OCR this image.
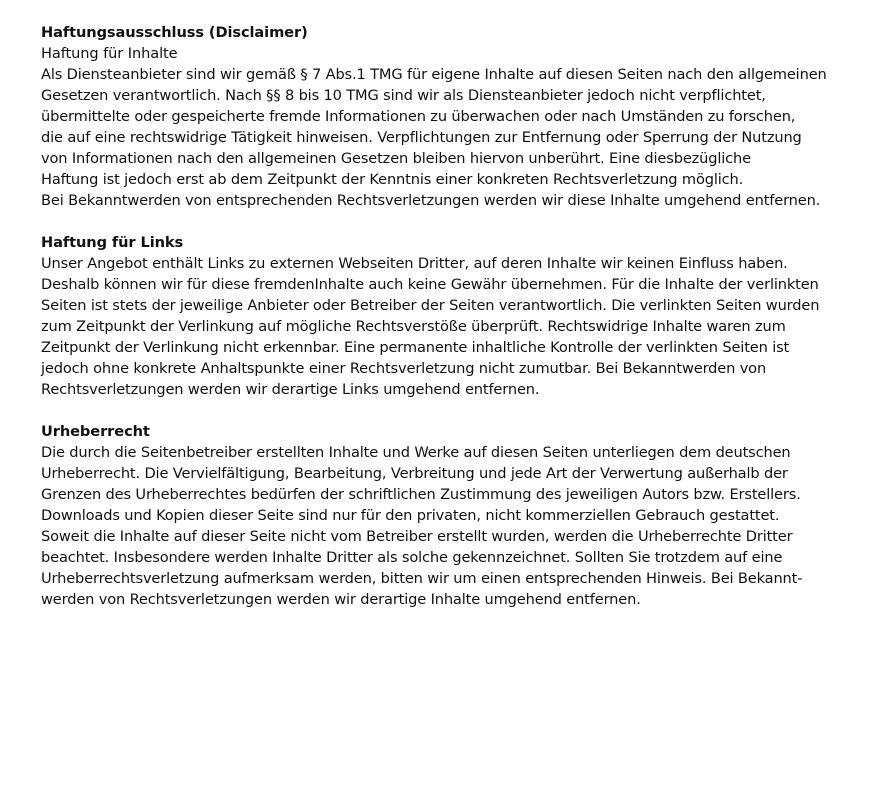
Haftungsausschluss (Disclaimer)
Haftung für Inhalte
Als Diensteanbieter sind wir gemäß § 7 Abs.1 TMG für eigene Inhalte auf diesen Seiten nach den allgemeinen
Gesetzen verantwortlich. Nach §§ 8 bis 10 TMG sind wir als Diensteanbieter jedoch nicht verpflichtet,
übermittelte oder gespeicherte fremde Informationen zu überwachen oder nach Umständen zu forschen,
die auf eine rechtswidrige Tätigkeit hinweisen. Verpflichtungen zur Entfernung oder Sperrung der Nutzung
von Informationen nach den allgemeinen Gesetzen bleiben hiervon unberührt. Eine diesbezügliche
Haftung ist jedoch erst ab dem Zeitpunkt der Kenntnis einer konkreten Rechtsverletzung möglich.
Bei Bekanntwerden von entsprechenden Rechtsverletzungen werden wir diese Inhalte umgehend entfernen.
Haftung für Links
Unser Angebot enthält Links zu externen Webseiten Dritter, auf deren Inhalte wir keinen Einfluss haben.
Deshalb können wir für diese fremdenInhalte auch keine Gewähr übernehmen. Für die Inhalte der verlinkten
Seiten ist stets der jeweilige Anbieter oder Betreiber der Seiten verantwortlich. Die verlinkten Seiten wurden
zum Zeitpunkt der Verlinkung auf mögliche Rechtsverstöße überprüft. Rechtswidrige Inhalte waren zum
Zeitpunkt der Verlinkung nicht erkennbar. Eine permanente inhaltliche Kontrolle der verlinkten Seiten ist
jedoch ohne konkrete Anhaltspunkte einer Rechtsverletzung nicht zumutbar. Bei Bekanntwerden von
Rechtsverletzungen werden wir derartige Links umgehend entfernen.
Urheberrecht
Die durch die Seitenbetreiber erstellten Inhalte und Werke auf diesen Seiten unterliegen dem deutschen
Urheberrecht. Die Vervielfältigung, Bearbeitung, Verbreitung und jede Art der Verwertung außerhalb der
Grenzen des Urheberrechtes bedürfen der schriftlichen Zustimmung des jeweiligen Autors bzw. Erstellers.
Downloads und Kopien dieser Seite sind nur für den privaten, nicht kommerziellen Gebrauch gestattet.
Soweit die Inhalte auf dieser Seite nicht vom Betreiber erstellt wurden, werden die Urheberrechte Dritter
beachtet. Insbesondere werden Inhalte Dritter als solche gekennzeichnet. Sollten Sie trotzdem auf eine
Urheberrechtsverletzung aufmerksam werden, bitten wir um einen entsprechenden Hinweis. Bei Bekannt-
werden von Rechtsverletzungen werden wir derartige Inhalte umgehend entfernen.
